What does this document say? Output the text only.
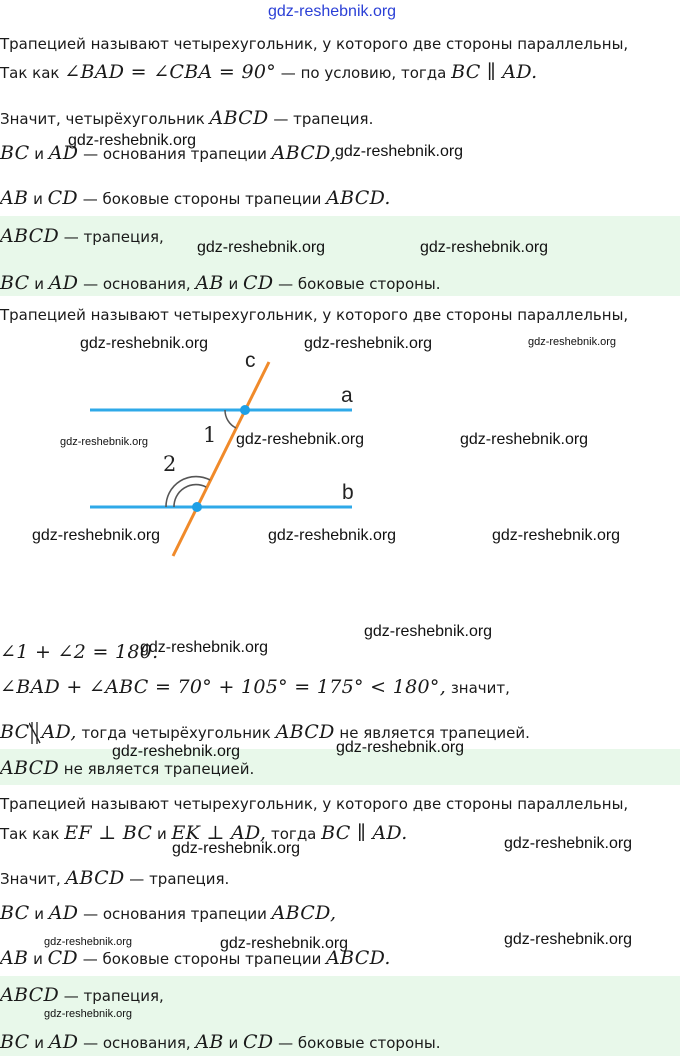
gdz-reshebnik.org
Трапецией называют четырехугольник, у которого две стороны параллельны,
Так как ∠BAD = ∠CBA = 90° — по условию, тогда BC ∥ AD.
Значит, четырёхугольник ABCD — трапеция.
BC и AD — основания трапеции ABCD,
AB и CD — боковые стороны трапеции ABCD.
ABCD — трапеция,
BC и AD — основания, AB и CD — боковые стороны.
Трапецией называют четырехугольник, у которого две стороны параллельны,
c
a
b
1
2
∠1 + ∠2 = 180.
∠BAD + ∠ABC = 70° + 105° = 175° < 180°, значит,
BC AD, тогда четырёхугольник ABCD не является трапецией.
ABCD не является трапецией.
Трапецией называют четырехугольник, у которого две стороны параллельны,
Так как EF ⊥ BC и EK ⊥ AD, тогда BC ∥ AD.
Значит, ABCD — трапеция.
BC и AD — основания трапеции ABCD,
AB и CD — боковые стороны трапеции ABCD.
ABCD — трапеция,
BC и AD — основания, AB и CD — боковые стороны.
gdz-reshebnik.org
gdz-reshebnik.org
gdz-reshebnik.org	gdz-reshebnik.org
gdz-reshebnik.org	gdz-reshebnik.org	gdz-reshebnik.org
gdz-reshebnik.org	gdz-reshebnik.org	gdz-reshebnik.org
gdz-reshebnik.org	gdz-reshebnik.org	gdz-reshebnik.org
gdz-reshebnik.org
gdz-reshebnik.org
gdz-reshebnik.org	gdz-reshebnik.org
gdz-reshebnik.org	gdz-reshebnik.org
gdz-reshebnik.org	gdz-reshebnik.org	gdz-reshebnik.org
gdz-reshebnik.org
